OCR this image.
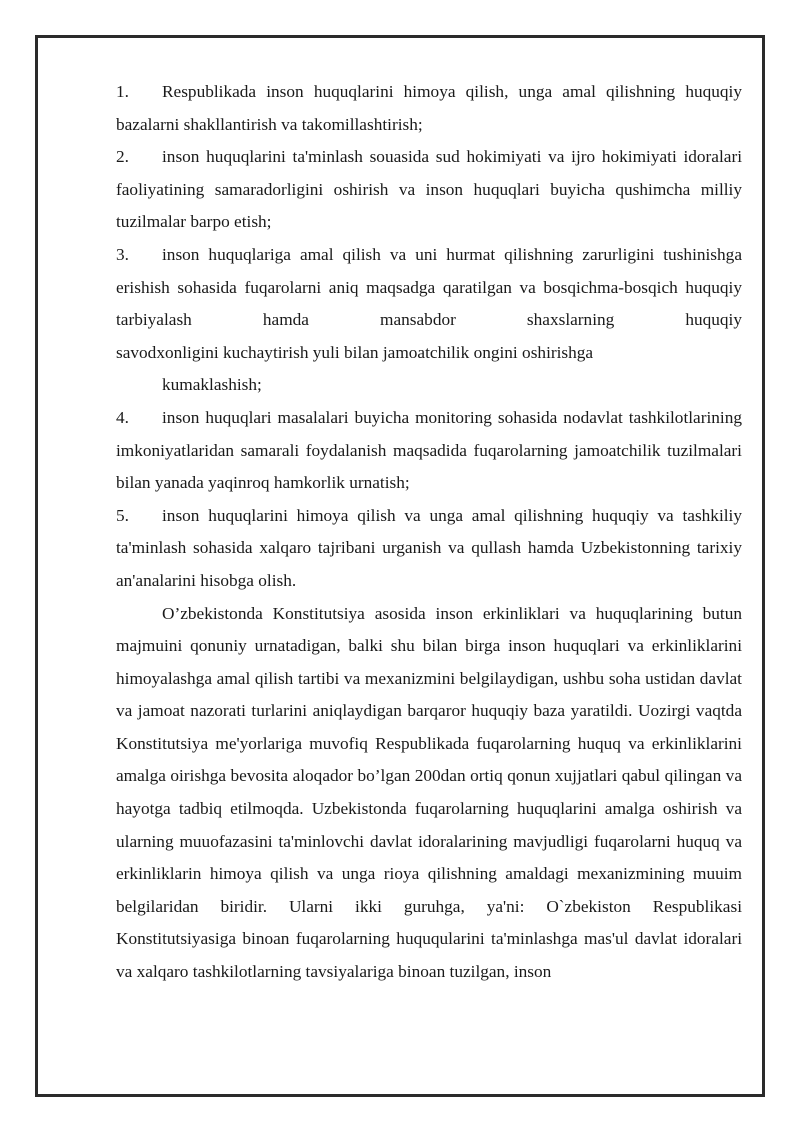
1. Respublikada inson huquqlarini himoya qilish, unga amal qilishning huquqiy bazalarni shakllantirish va takomillashtirish;
2. inson huquqlarini ta'minlash souasida sud hokimiyati va ijro hokimiyati idoralari faoliyatining samaradorligini oshirish va inson huquqlari buyicha qushimcha milliy tuzilmalar barpo etish;
3. inson huquqlariga amal qilish va uni hurmat qilishning zarurligini tushinishga erishish sohasida fuqarolarni aniq maqsadga qaratilgan va bosqichma-bosqich huquqiy tarbiyalash hamda mansabdor shaxslarning huquqiy
savodxonligini kuchaytirish yuli bilan jamoatchilik ongini oshirishga
kumaklashish;
4. inson huquqlari masalalari buyicha monitoring sohasida nodavlat tashkilotlarining imkoniyatlaridan samarali foydalanish maqsadida fuqarolarning jamoatchilik tuzilmalari bilan yanada yaqinroq hamkorlik urnatish;
5. inson huquqlarini himoya qilish va unga amal qilishning huquqiy va tashkiliy ta'minlash sohasida xalqaro tajribani urganish va qullash hamda Uzbekistonning tarixiy an'analarini hisobga olish.
O’zbekistonda Konstitutsiya asosida inson erkinliklari va huquqlarining butun majmuini qonuniy urnatadigan, balki shu bilan birga inson huquqlari va erkinliklarini himoyalashga amal qilish tartibi va mexanizmini belgilaydigan, ushbu soha ustidan davlat va jamoat nazorati turlarini aniqlaydigan barqaror huquqiy baza yaratildi. Uozirgi vaqtda Konstitutsiya me'yorlariga muvofiq Respublikada fuqarolarning huquq va erkinliklarini amalga oirishga bevosita aloqador bo’lgan 200dan ortiq qonun xujjatlari qabul qilingan va hayotga tadbiq etilmoqda. Uzbekistonda fuqarolarning huquqlarini amalga oshirish va ularning muuofazasini ta'minlovchi davlat idoralarining mavjudligi fuqarolarni huquq va erkinliklarin himoya qilish va unga rioya qilishning amaldagi mexanizmining muuim belgilaridan biridir. Ularni ikki guruhga, ya'ni: O`zbekiston Respublikasi Konstitutsiyasiga binoan fuqarolarning huquqularini ta'minlashga mas'ul davlat idoralari va xalqaro tashkilotlarning tavsiyalariga binoan tuzilgan, inson
